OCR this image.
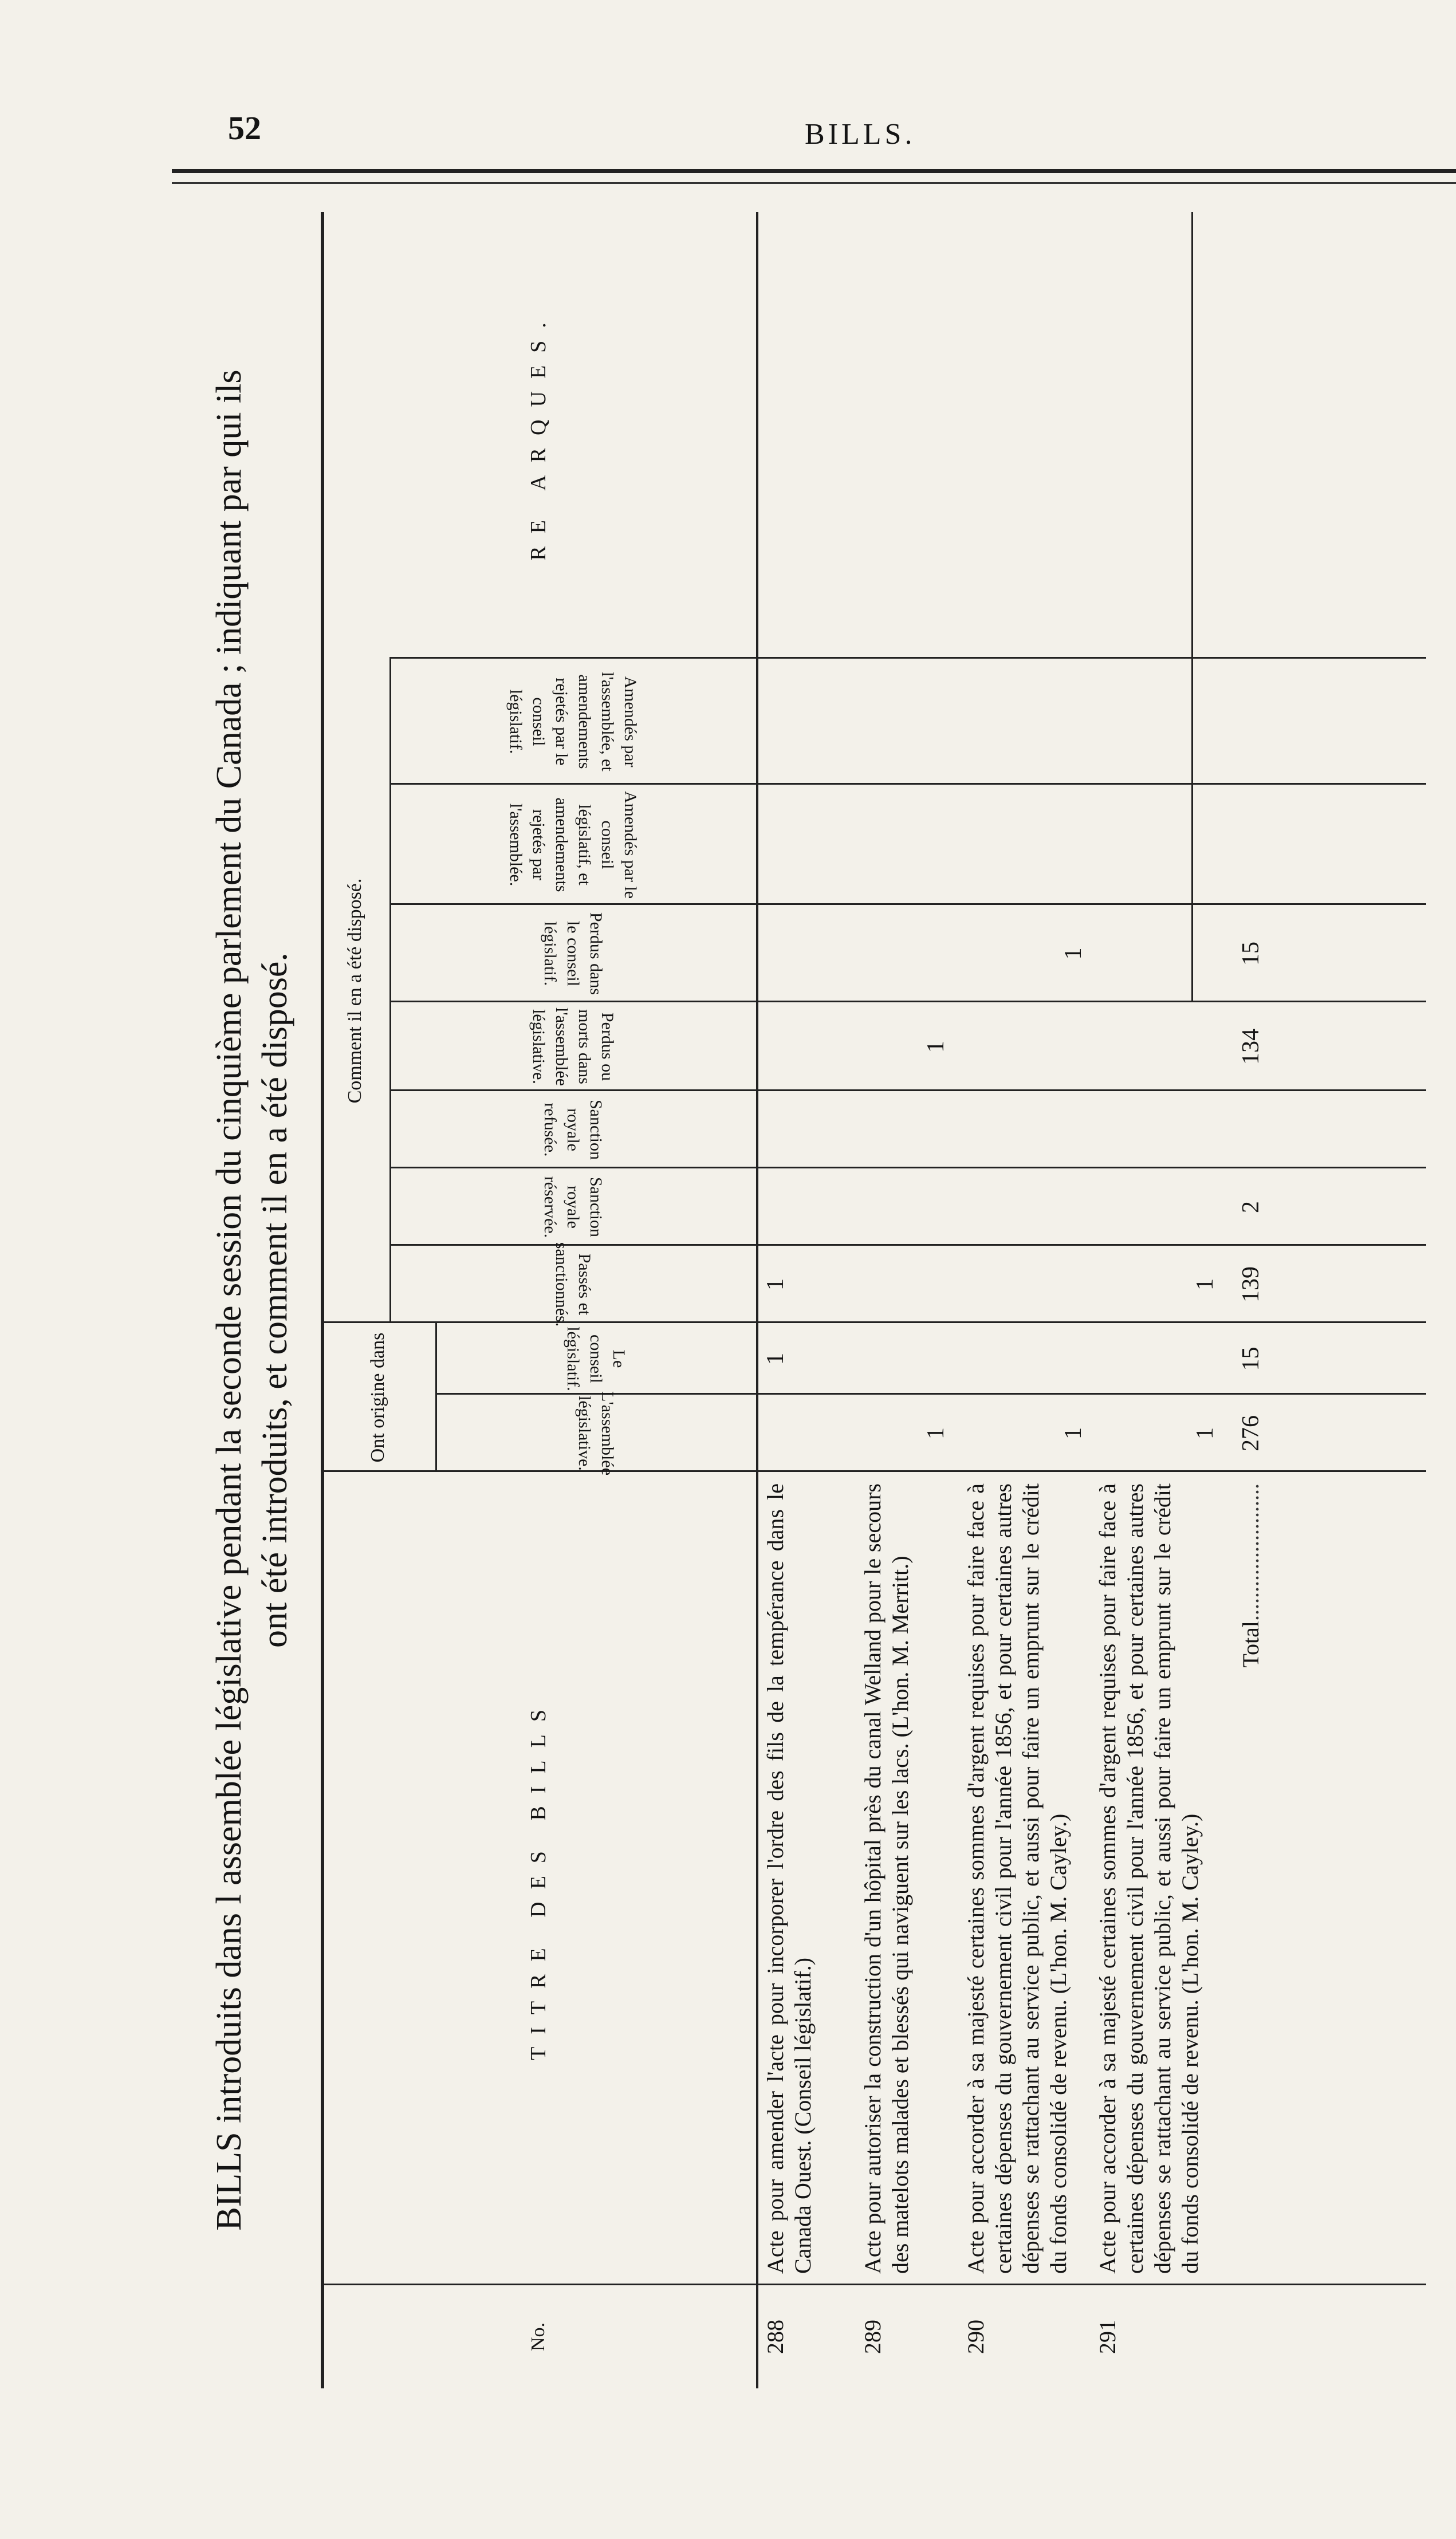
52	BILLS.
BILLS introduits dans l assemblée législative pendant la seconde session du cinquième parlement du Canada ; indiquant par qui ils ont été introduits, et comment il en a été disposé.
No.
TITRE DES BILLS
Ont origine dans
Comment il en a été disposé.
L'assemblée législative.
Le conseil législatif.
Passés et sanctionnés.
Sanction royale réservée.
Sanction royale refusée.
Perdus ou morts dans l'assemblée législative.
Perdus dans le conseil législatif.
Amendés par le conseil législatif, et amendements rejetés par l'assemblée.
Amendés par l'assemblée, et amendements rejetés par le conseil législatif.
RE ARQUES.
288
Acte pour amender l'acte pour incorporer l'ordre des fils de la tempérance dans le Canada Ouest. (Conseil législatif.)
1
1
289
Acte pour autoriser la construction d'un hôpital près du canal Welland pour le secours des matelots malades et blessés qui naviguent sur les lacs. (L'hon. M. Merritt.)
1
1
290
Acte pour accorder à sa majesté certaines sommes d'argent requises pour faire face à certaines dépenses du gouvernement civil pour l'année 1856, et pour certaines autres dépenses se rattachant au service public, et aussi pour faire un emprunt sur le crédit du fonds consolidé de revenu. (L'hon. M. Cayley.)
1
1
291
Acte pour accorder à sa majesté certaines sommes d'argent requises pour faire face à certaines dépenses du gouvernement civil pour l'année 1856, et pour certaines autres dépenses se rattachant au service public, et aussi pour faire un emprunt sur le crédit du fonds consolidé de revenu. (L'hon. M. Cayley.)
1
1
Total........................
276
15
139
2
134
15
